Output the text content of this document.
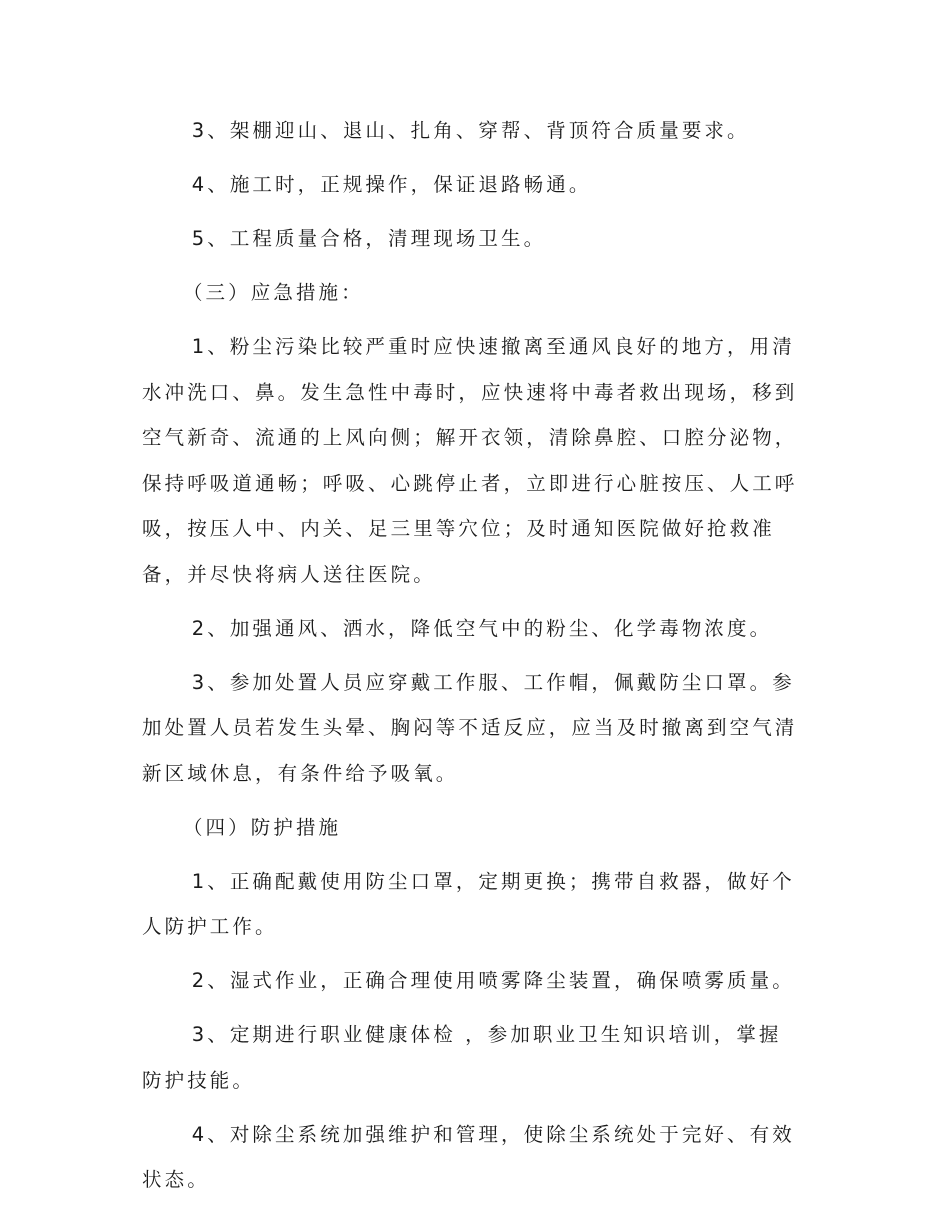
3、架棚迎山、退山、扎角、穿帮、背顶符合质量要求。

4、施工时，正规操作，保证退路畅通。

5、工程质量合格，清理现场卫生。

（三）应急措施：

1、粉尘污染比较严重时应快速撤离至通风良好的地方，用清水冲洗口、鼻。发生急性中毒时，应快速将中毒者救出现场，移到空气新奇、流通的上风向侧；解开衣领，清除鼻腔、口腔分泌物，保持呼吸道通畅；呼吸、心跳停止者，立即进行心脏按压、人工呼吸，按压人中、内关、足三里等穴位；及时通知医院做好抢救准备，并尽快将病人送往医院。

2、加强通风、洒水，降低空气中的粉尘、化学毒物浓度。

3、参加处置人员应穿戴工作服、工作帽，佩戴防尘口罩。参加处置人员若发生头晕、胸闷等不适反应，应当及时撤离到空气清新区域休息，有条件给予吸氧。

（四）防护措施

1、正确配戴使用防尘口罩，定期更换；携带自救器，做好个人防护工作。

2、湿式作业，正确合理使用喷雾降尘装置，确保喷雾质量。

3、定期进行职业健康体检 ，参加职业卫生知识培训，掌握防护技能。

4、对除尘系统加强维护和管理，使除尘系统处于完好、有效状态。
